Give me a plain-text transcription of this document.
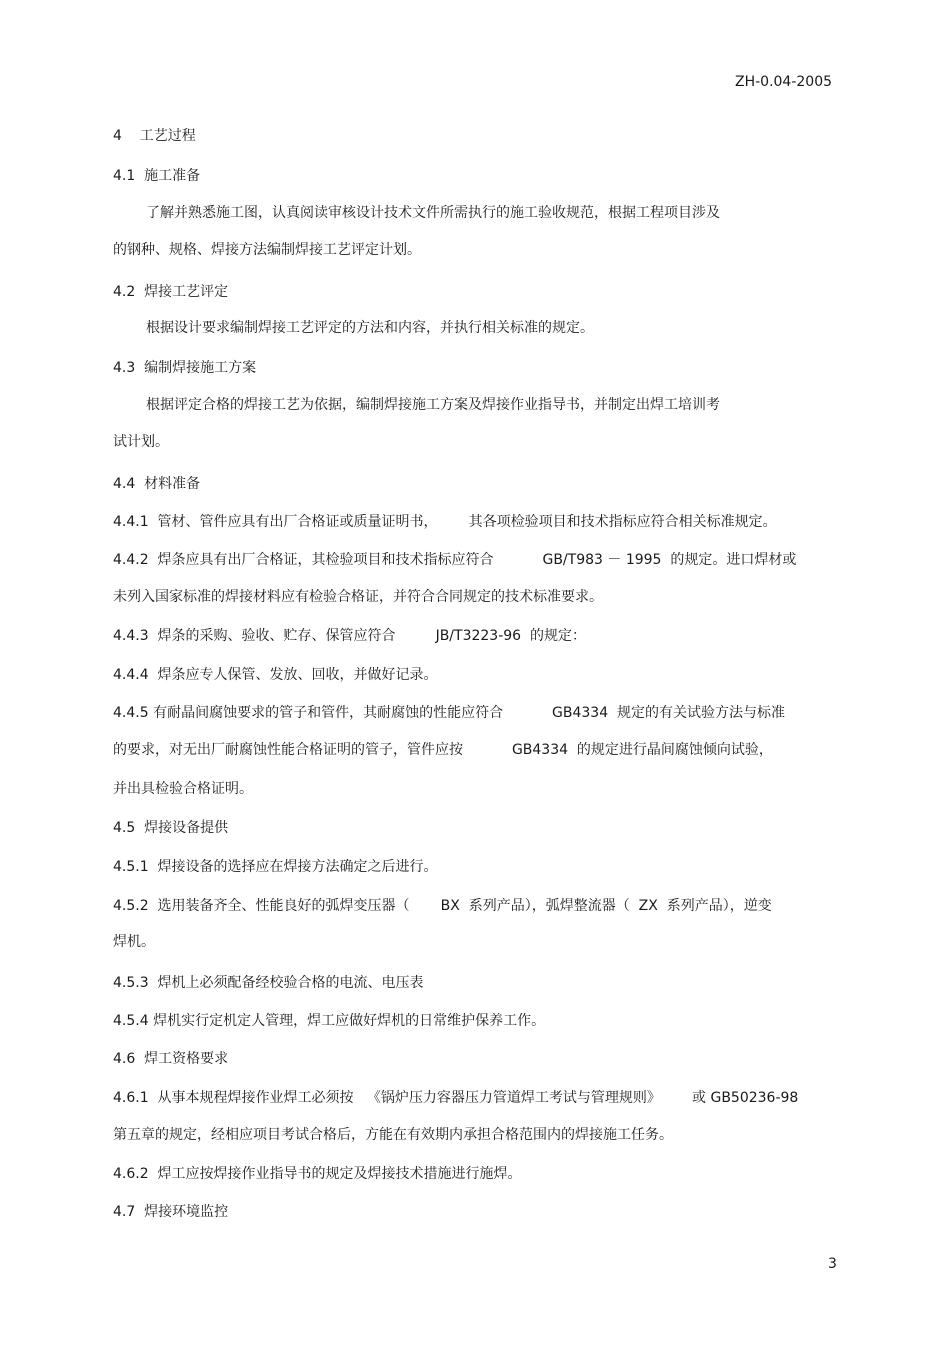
ZH-0.04-2005
4    工艺过程
4.1  施工准备
了解并熟悉施工图，认真阅读审核设计技术文件所需执行的施工验收规范，根据工程项目涉及
的钢种、规格、焊接方法编制焊接工艺评定计划。
4.2  焊接工艺评定
根据设计要求编制焊接工艺评定的方法和内容，并执行相关标准的规定。
4.3  编制焊接施工方案
根据评定合格的焊接工艺为依据，编制焊接施工方案及焊接作业指导书，并制定出焊工培训考
试计划。
4.4  材料准备
4.4.1  管材、管件应具有出厂合格证或质量证明书，       其各项检验项目和技术指标应符合相关标准规定。
4.4.2  焊条应具有出厂合格证，其检验项目和技术指标应符合           GB/T983 － 1995  的规定。进口焊材或
未列入国家标准的焊接材料应有检验合格证，并符合合同规定的技术标准要求。
4.4.3  焊条的采购、验收、贮存、保管应符合         JB/T3223-96  的规定：
4.4.4  焊条应专人保管、发放、回收，并做好记录。
4.4.5 有耐晶间腐蚀要求的管子和管件，其耐腐蚀的性能应符合           GB4334  规定的有关试验方法与标准
的要求，对无出厂耐腐蚀性能合格证明的管子，管件应按           GB4334  的规定进行晶间腐蚀倾向试验，
并出具检验合格证明。
4.5  焊接设备提供
4.5.1  焊接设备的选择应在焊接方法确定之后进行。
4.5.2  选用装备齐全、性能良好的弧焊变压器（       BX  系列产品），弧焊整流器（  ZX  系列产品），逆变
焊机。
4.5.3  焊机上必须配备经校验合格的电流、电压表
4.5.4 焊机实行定机定人管理，焊工应做好焊机的日常维护保养工作。
4.6  焊工资格要求
4.6.1  从事本规程焊接作业焊工必须按   《锅炉压力容器压力管道焊工考试与管理规则》       或 GB50236-98
第五章的规定，经相应项目考试合格后，方能在有效期内承担合格范围内的焊接施工任务。
4.6.2  焊工应按焊接作业指导书的规定及焊接技术措施进行施焊。
4.7  焊接环境监控
3
